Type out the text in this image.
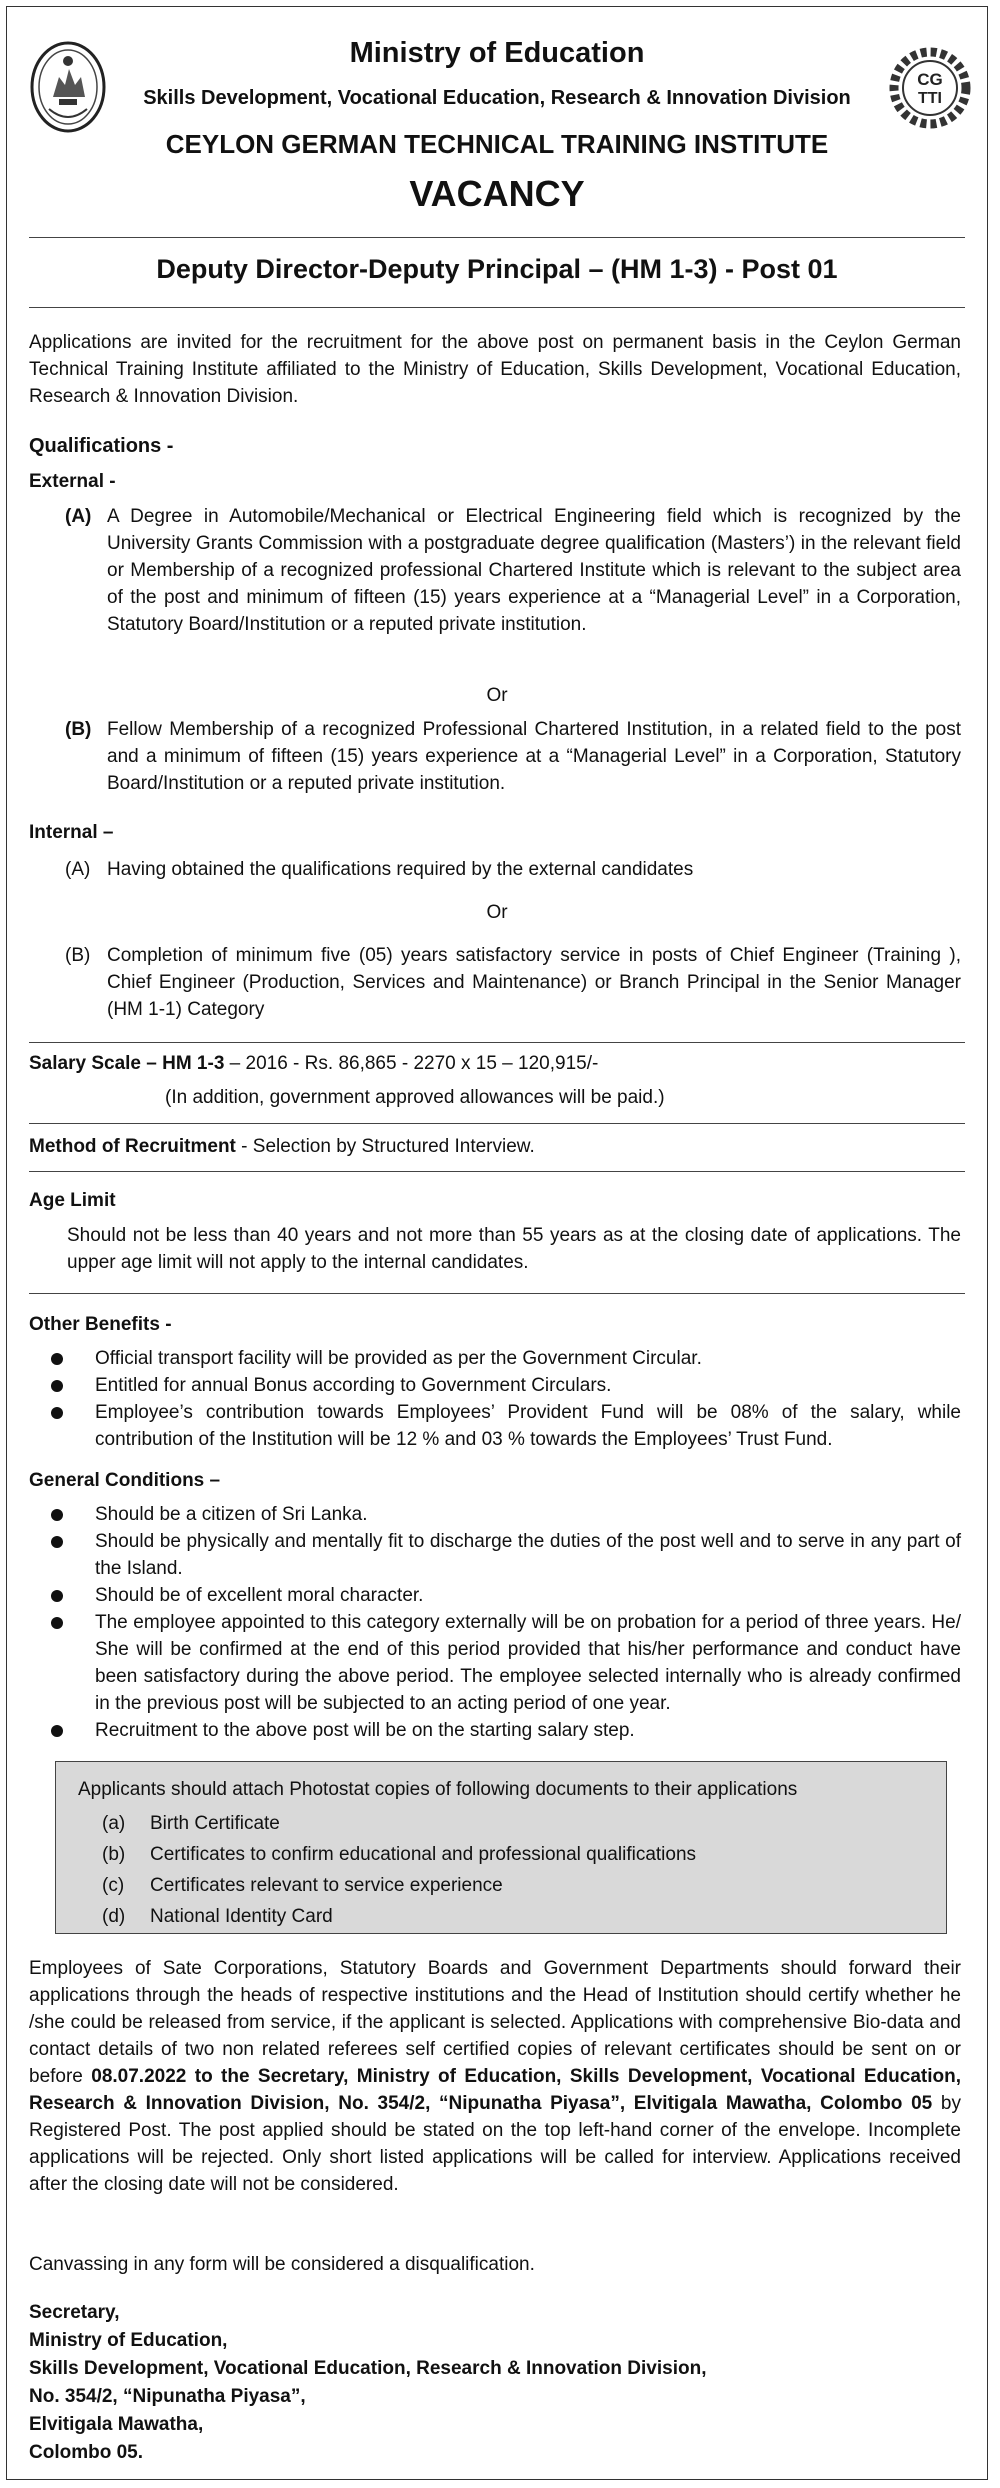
Ministry of Education
Skills Development, Vocational Education, Research & Innovation Division
CEYLON GERMAN TECHNICAL TRAINING INSTITUTE
VACANCY
CG
TTI
Deputy Director-Deputy Principal – (HM 1-3) - Post 01
Applications are invited for the recruitment for the above post on permanent basis in the Ceylon German Technical Training Institute affiliated to the Ministry of Education, Skills Development, Vocational Education, Research & Innovation Division.
Qualifications -
External -
(A) A Degree in Automobile/Mechanical or Electrical Engineering field which is recognized by the University Grants Commission with a postgraduate degree qualification (Masters’) in the relevant field or Membership of a recognized professional Chartered Institute which is relevant to the subject area of the post and minimum of fifteen (15) years experience at a “Managerial Level” in a Corporation, Statutory Board/Institution or a reputed private institution.
Or
(B) Fellow Membership of a recognized Professional Chartered Institution, in a related field to the post and a minimum of fifteen (15) years experience at a “Managerial Level” in a Corporation, Statutory Board/Institution or a reputed private institution.
Internal –
(A) Having obtained the qualifications required by the external candidates
Or
(B) Completion of minimum five (05) years satisfactory service in posts of Chief Engineer (Training ), Chief Engineer (Production, Services and Maintenance) or Branch Principal in the Senior Manager (HM 1-1) Category
Salary Scale – HM 1-3 – 2016 - Rs. 86,865 - 2270 x 15 – 120,915/-
(In addition, government approved allowances will be paid.)
Method of Recruitment - Selection by Structured Interview.
Age Limit
Should not be less than 40 years and not more than 55 years as at the closing date of applications. The upper age limit will not apply to the internal candidates.
Other Benefits -
Official transport facility will be provided as per the Government Circular.
Entitled for annual Bonus according to Government Circulars.
Employee’s contribution towards Employees’ Provident Fund will be 08% of the salary, while contribution of the Institution will be 12 % and 03 % towards the Employees’ Trust Fund.
General Conditions –
Should be a citizen of Sri Lanka.
Should be physically and mentally fit to discharge the duties of the post well and to serve in any part of the Island.
Should be of excellent moral character.
The employee appointed to this category externally will be on probation for a period of three years. He/ She will be confirmed at the end of this period provided that his/her performance and conduct have been satisfactory during the above period. The employee selected internally who is already confirmed in the previous post will be subjected to an acting period of one year.
Recruitment to the above post will be on the starting salary step.
Applicants should attach Photostat copies of following documents to their applications
(a) Birth Certificate
(b) Certificates to confirm educational and professional qualifications
(c) Certificates relevant to service experience
(d) National Identity Card
Employees of Sate Corporations, Statutory Boards and Government Departments should forward their applications through the heads of respective institutions and the Head of Institution should certify whether he /she could be released from service, if the applicant is selected. Applications with comprehensive Bio-data and contact details of two non related referees self certified copies of relevant certificates should be sent on or before 08.07.2022 to the Secretary, Ministry of Education, Skills Development, Vocational Education, Research & Innovation Division, No. 354/2, “Nipunatha Piyasa”, Elvitigala Mawatha, Colombo 05 by Registered Post. The post applied should be stated on the top left-hand corner of the envelope. Incomplete applications will be rejected. Only short listed applications will be called for interview. Applications received after the closing date will not be considered.
Canvassing in any form will be considered a disqualification.
Secretary,
Ministry of Education,
Skills Development, Vocational Education, Research & Innovation Division,
No. 354/2, “Nipunatha Piyasa”,
Elvitigala Mawatha,
Colombo 05.
